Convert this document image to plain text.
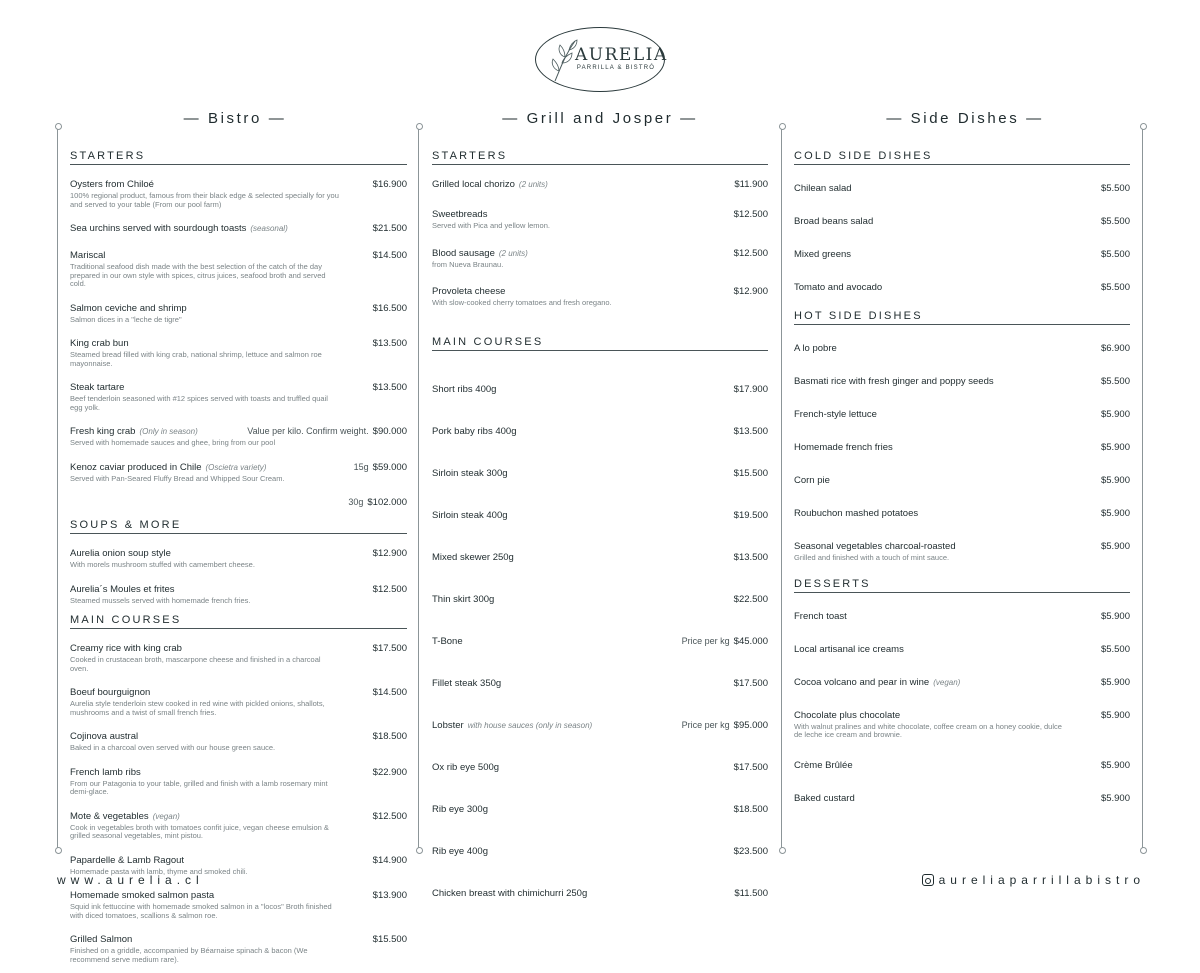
AURELIA
PARRILLA & BISTRÓ
— Bistro —	— Grill and Josper —	— Side Dishes —
STARTERS
Oysters from Chiloé	$16.900
100% regional product, famous from their black edge & selected specially for you and served to your table (From our pool farm)
Sea urchins served with sourdough toasts (seasonal)	$21.500
Mariscal	$14.500
Traditional seafood dish made with the best selection of the catch of the day prepared in our own style with spices, citrus juices, seafood broth and served cold.
Salmon ceviche and shrimp	$16.500
Salmon dices in a "leche de tigre"
King crab bun	$13.500
Steamed bread filled with king crab, national shrimp, lettuce and salmon roe mayonnaise.
Steak tartare	$13.500
Beef tenderloin seasoned with #12 spices served with toasts and truffled quail egg yolk.
Fresh king crab (Only in season)	Value per kilo. Confirm weight. $90.000
Served with homemade sauces and ghee, bring from our pool
Kenoz caviar produced in Chile (Oscietra variety)	15g $59.000
Served with Pan-Seared Fluffy Bread and Whipped Sour Cream.
30g $102.000
SOUPS & MORE
Aurelia onion soup style	$12.900
With morels mushroom stuffed with camembert cheese.
Aurelia´s Moules et frites	$12.500
Steamed mussels served with homemade french fries.
MAIN COURSES
Creamy rice with king crab	$17.500
Cooked in crustacean broth, mascarpone cheese and finished in a charcoal oven.
Boeuf bourguignon	$14.500
Aurelia style tenderloin stew cooked in red wine with pickled onions, shallots, mushrooms and a twist of small french fries.
Cojinova austral	$18.500
Baked in a charcoal oven served with our house green sauce.
French lamb ribs	$22.900
From our Patagonia to your table, grilled and finish with a lamb rosemary mint demi-glace.
Mote & vegetables (vegan)	$12.500
Cook in vegetables broth with tomatoes confit juice, vegan cheese emulsion & grilled seasonal vegetables, mint pistou.
Papardelle & Lamb Ragout	$14.900
Homemade pasta with lamb, thyme and smoked chili.
Homemade smoked salmon pasta	$13.900
Squid ink fettuccine with homemade smoked salmon in a "locos" Broth finished with diced tomatoes, scallions & salmon roe.
Grilled Salmon	$15.500
Finished on a griddle, accompanied by Béarnaise spinach & bacon (We recommend serve medium rare).
STARTERS
Grilled local chorizo (2 units)	$11.900
Sweetbreads	$12.500
Served with Pica and yellow lemon.
Blood sausage (2 units)	$12.500
from Nueva Braunau.
Provoleta cheese	$12.900
With slow-cooked cherry tomatoes and fresh oregano.
MAIN COURSES
Short ribs 400g	$17.900
Pork baby ribs 400g	$13.500
Sirloin steak 300g	$15.500
Sirloin steak 400g	$19.500
Mixed skewer 250g	$13.500
Thin skirt 300g	$22.500
T-Bone	Price per kg $45.000
Fillet steak 350g	$17.500
Lobster with house sauces (only in season)	Price per kg $95.000
Ox rib eye 500g	$17.500
Rib eye 300g	$18.500
Rib eye 400g	$23.500
Chicken breast with chimichurri 250g	$11.500
COLD SIDE DISHES
Chilean salad	$5.500
Broad beans salad	$5.500
Mixed greens	$5.500
Tomato and avocado	$5.500
HOT SIDE DISHES
A lo pobre	$6.900
Basmati rice with fresh ginger and poppy seeds	$5.500
French-style lettuce	$5.900
Homemade french fries	$5.900
Corn pie	$5.900
Roubuchon mashed potatoes	$5.900
Seasonal vegetables charcoal-roasted	$5.900
Grilled and finished with a touch of mint sauce.
DESSERTS
French toast	$5.900
Local artisanal ice creams	$5.500
Cocoa volcano and pear in wine (vegan)	$5.900
Chocolate plus chocolate	$5.900
With walnut pralines and white chocolate, coffee cream on a honey cookie, dulce de leche ice cream and brownie.
Crème Brûlée	$5.900
Baked custard	$5.900
www.aurelia.cl	aureliaparrillabistro
